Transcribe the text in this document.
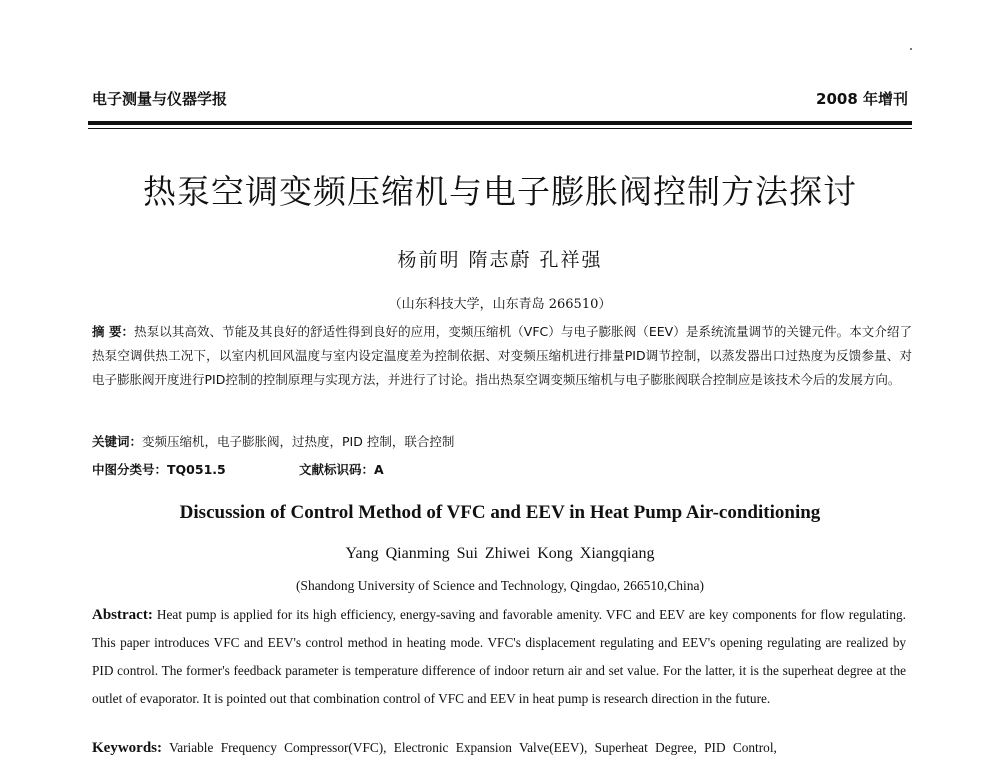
电子测量与仪器学报	2008 年增刊
热泵空调变频压缩机与电子膨胀阀控制方法探讨
杨前明 隋志蔚 孔祥强
（山东科技大学，山东青岛 266510）
摘 要：热泵以其高效、节能及其良好的舒适性得到良好的应用，变频压缩机（VFC）与电子膨胀阀（EEV）是系统流量调节的关键元件。本文介绍了热泵空调供热工况下，以室内机回风温度与室内设定温度差为控制依据、对变频压缩机进行排量PID调节控制，以蒸发器出口过热度为反馈参量、对电子膨胀阀开度进行PID控制的控制原理与实现方法，并进行了讨论。指出热泵空调变频压缩机与电子膨胀阀联合控制应是该技术今后的发展方向。
关键词：变频压缩机，电子膨胀阀，过热度，PID 控制，联合控制
中图分类号：TQ051.5	文献标识码：A
Discussion of Control Method of VFC and EEV in Heat Pump Air-conditioning
Yang Qianming Sui Zhiwei Kong Xiangqiang
(Shandong University of Science and Technology, Qingdao, 266510,China)
Abstract: Heat pump is applied for its high efficiency, energy-saving and favorable amenity. VFC and EEV are key components for flow regulating. This paper introduces VFC and EEV's control method in heating mode. VFC's displacement regulating and EEV's opening regulating are realized by PID control. The former's feedback parameter is temperature difference of indoor return air and set value. For the latter, it is the superheat degree at the outlet of evaporator. It is pointed out that combination control of VFC and EEV in heat pump is research direction in the future.
Keywords: Variable Frequency Compressor(VFC), Electronic Expansion Valve(EEV), Superheat Degree, PID Control,
